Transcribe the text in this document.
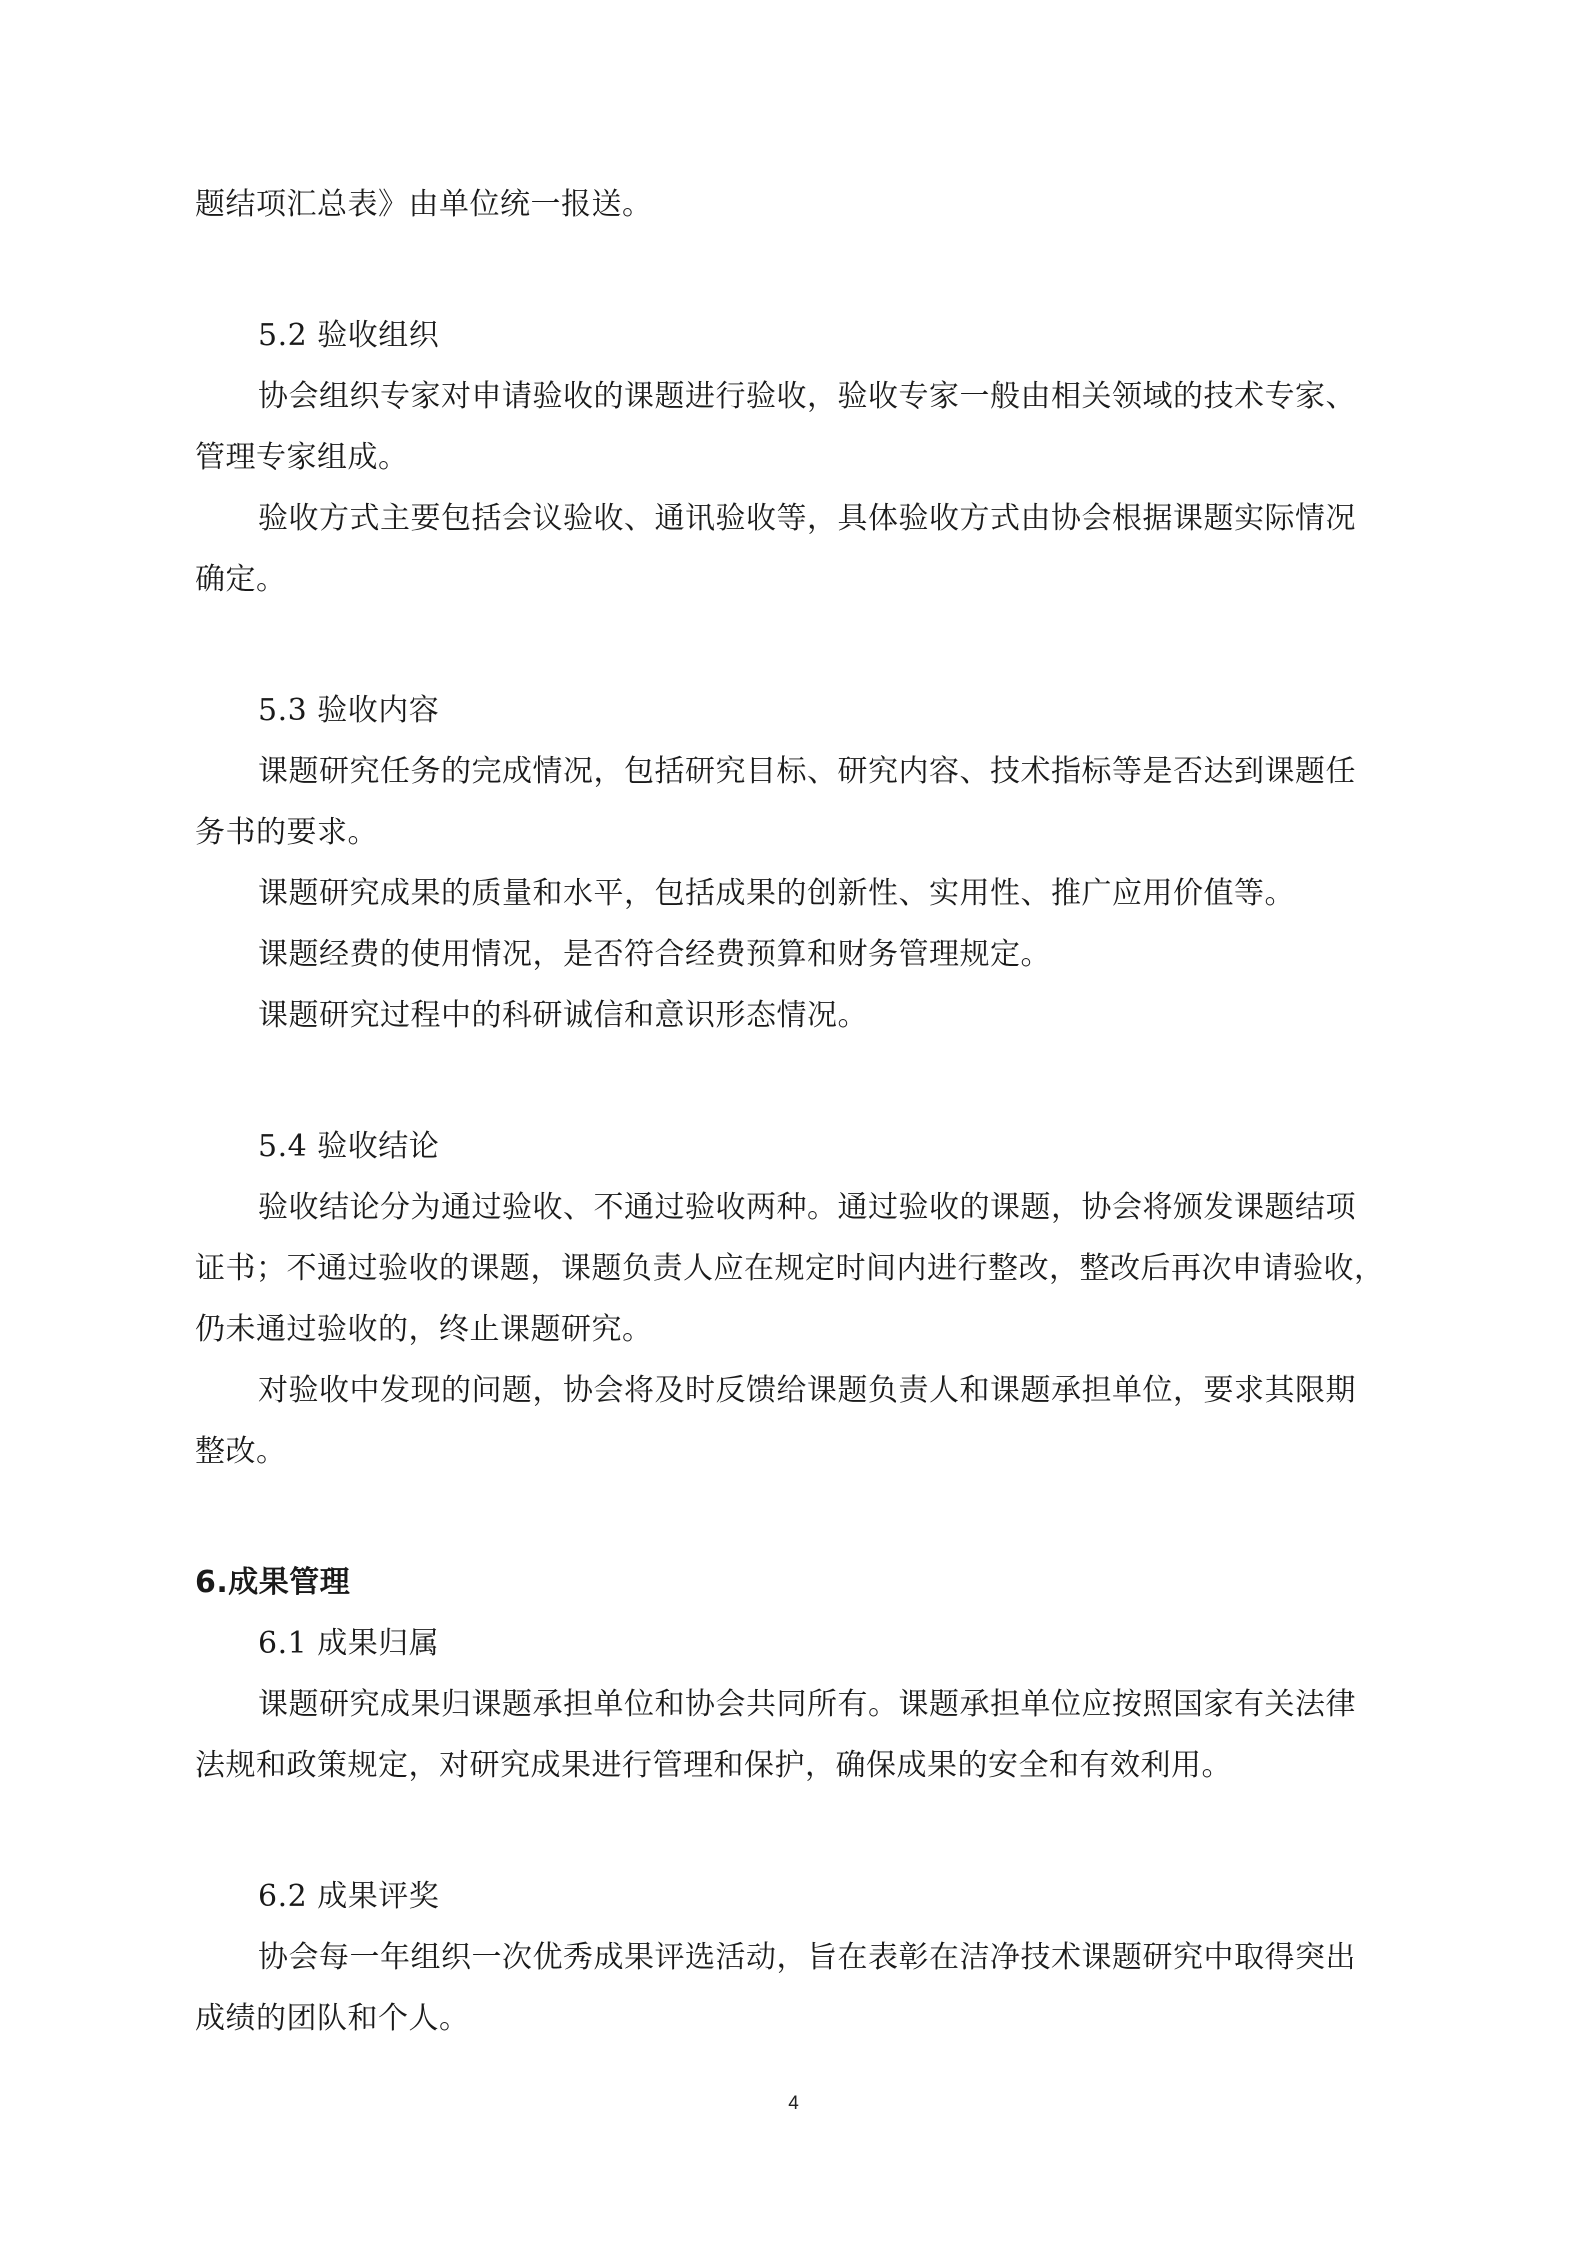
题结项汇总表》由单位统一报送。
5.2 验收组织
协会组织专家对申请验收的课题进行验收，验收专家一般由相关领域的技术专家、
管理专家组成。
验收方式主要包括会议验收、通讯验收等，具体验收方式由协会根据课题实际情况
确定。
5.3 验收内容
课题研究任务的完成情况，包括研究目标、研究内容、技术指标等是否达到课题任
务书的要求。
课题研究成果的质量和水平，包括成果的创新性、实用性、推广应用价值等。
课题经费的使用情况，是否符合经费预算和财务管理规定。
课题研究过程中的科研诚信和意识形态情况。
5.4 验收结论
验收结论分为通过验收、不通过验收两种。通过验收的课题，协会将颁发课题结项
证书；不通过验收的课题，课题负责人应在规定时间内进行整改，整改后再次申请验收，
仍未通过验收的，终止课题研究。
对验收中发现的问题，协会将及时反馈给课题负责人和课题承担单位，要求其限期
整改。
6.成果管理
6.1 成果归属
课题研究成果归课题承担单位和协会共同所有。课题承担单位应按照国家有关法律
法规和政策规定，对研究成果进行管理和保护，确保成果的安全和有效利用。
6.2 成果评奖
协会每一年组织一次优秀成果评选活动，旨在表彰在洁净技术课题研究中取得突出
成绩的团队和个人。
4
